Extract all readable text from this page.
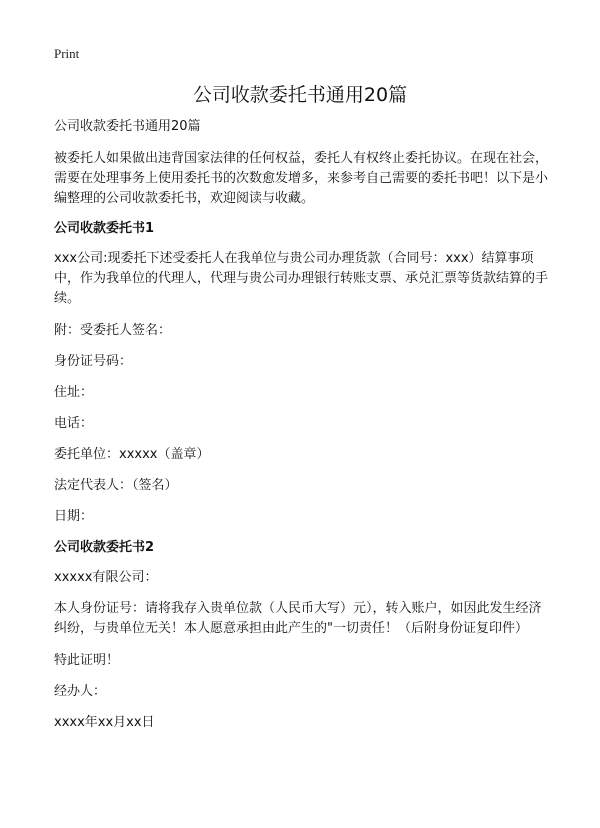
Print
公司收款委托书通用20篇

公司收款委托书通用20篇

被委托人如果做出违背国家法律的任何权益，委托人有权终止委托协议。在现在社会，需要在处理事务上使用委托书的次数愈发增多，来参考自己需要的委托书吧！以下是小编整理的公司收款委托书，欢迎阅读与收藏。

公司收款委托书1

xxx公司:现委托下述受委托人在我单位与贵公司办理货款（合同号：xxx）结算事项中，作为我单位的代理人，代理与贵公司办理银行转账支票、承兑汇票等货款结算的手续。

附：受委托人签名：

身份证号码：

住址：

电话：

委托单位：xxxxx（盖章）

法定代表人：（签名）

日期：

公司收款委托书2

xxxxx有限公司：

本人身份证号：请将我存入贵单位款（人民币大写）元），转入账户，如因此发生经济纠纷，与贵单位无关！本人愿意承担由此产生的"一切责任！（后附身份证复印件）

特此证明！

经办人：

xxxx年xx月xx日
